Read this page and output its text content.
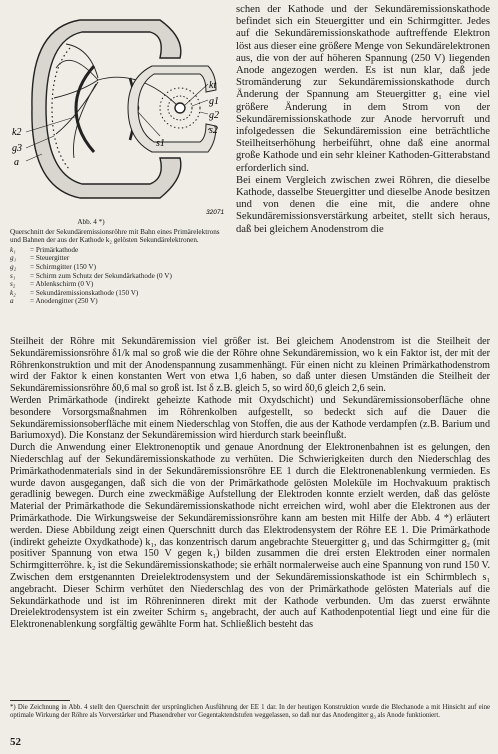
kt
g1
g2
s2
s1
k2
g3
a
32071
Abb. 4 *)
Querschnitt der Sekundäremissionsröhre mit Bahn eines Primärelektrons und Bahnen der aus der Kathode k₂ gelösten Sekundärelektronen.
k₁	= Primärkathode
g₁	= Steuergitter
g₂	= Schirmgitter (150 V)
s₁	= Schirm zum Schutz der Sekundärkathode (0 V)
s₂	= Ablenkschirm (0 V)
k₂	= Sekundäremissionskathode (150 V)
a	= Anodengitter (250 V)

schen der Kathode und der Sekundäremissionskathode befindet sich ein Steuergitter und ein Schirmgitter. Jedes auf die Sekundäremissionskathode auftreffende Elektron löst aus dieser eine größere Menge von Sekundärelektronen aus, die von der auf höheren Spannung (250 V) liegenden Anode angezogen werden. Es ist nun klar, daß jede Stromänderung zur Sekundäremissionskathode durch Änderung der Spannung am Steuergitter g₁ eine viel größere Änderung in dem Strom von der Sekundäremissionskathode zur Anode hervorruft und infolgedessen die Sekundäremission eine beträchtliche Steilheitserhöhung herbeiführt, ohne daß eine anormal große Kathode und ein sehr kleiner Kathoden-Gitterabstand erforderlich sind.

Bei einem Vergleich zwischen zwei Röhren, die dieselbe Kathode, dasselbe Steuergitter und dieselbe Anode besitzen und von denen die eine mit, die andere ohne Sekundäremissionsverstärkung arbeitet, stellt sich heraus, daß bei gleichem Anodenstrom die

Steilheit der Röhre mit Sekundäremission viel größer ist. Bei gleichem Anodenstrom ist die Steilheit der Sekundäremissionsröhre δ1/k mal so groß wie die der Röhre ohne Sekundäremission, wo k ein Faktor ist, der mit der Röhrenkonstruktion und mit der Anodenspannung zusammenhängt. Für einen nicht zu kleinen Primärkathodenstrom wird der Faktor k einen konstanten Wert von etwa 1,6 haben, so daß unter diesen Umständen die Steilheit der Sekundäremissionsröhre δ0,6 mal so groß ist. Ist δ z.B. gleich 5, so wird δ0,6 gleich 2,6 sein.

Werden Primärkathode (indirekt geheizte Kathode mit Oxydschicht) und Sekundäremissionsoberfläche ohne besondere Vorsorgsmaßnahmen im Röhrenkolben aufgestellt, so bedeckt sich auf die Dauer die Sekundäremissionsoberfläche mit einem Niederschlag von Stoffen, die aus der Kathode verdampfen (z.B. Barium und Bariumoxyd). Die Konstanz der Sekundäremission wird hierdurch stark beeinflußt.

Durch die Anwendung einer Elektronenoptik und genaue Anordnung der Elektronenbahnen ist es gelungen, den Niederschlag auf der Sekundäremissionskathode zu verhüten. Die Schwierigkeiten durch den Niederschlag des Primärkathodenmaterials sind in der Sekundäremissionsröhre EE 1 durch die Elektronenablenkung vermieden. Es wurde davon ausgegangen, daß sich die von der Primärkathode gelösten Moleküle im Hochvakuum praktisch geradlinig bewegen. Durch eine zweckmäßige Aufstellung der Elektroden konnte erzielt werden, daß das gelöste Material der Primärkathode die Sekundäremissionskathode nicht erreichen wird, wohl aber die Elektronen aus der Primärkathode. Die Wirkungsweise der Sekundäremissionsröhre kann am besten mit Hilfe der Abb. 4 *) erläutert werden. Diese Abbildung zeigt einen Querschnitt durch das Elektrodensystem der Röhre EE 1. Die Primärkathode (indirekt geheizte Oxydkathode) k₁, das konzentrisch darum angebrachte Steuergitter g₁ und das Schirmgitter g₂ (mit positiver Spannung von etwa 150 V gegen k₁) bilden zusammen die drei ersten Elektroden einer normalen Schirmgitterröhre. k₂ ist die Sekundäremissionskathode; sie erhält normalerweise auch eine Spannung von rund 150 V. Zwischen dem erstgenannten Dreielektrodensystem und der Sekundäremissionskathode ist ein Schirmblech s₁ angebracht. Dieser Schirm verhütet den Niederschlag des von der Primärkathode gelösten Materials auf die Sekundärkathode und ist im Röhreninneren direkt mit der Kathode verbunden. Um das zuerst erwähnte Dreielektrodensystem ist ein zweiter Schirm s₂ angebracht, der auch auf Kathodenpotential liegt und eine für die Elektronenablenkung sorgfältig gewählte Form hat. Schließlich besteht das

*) Die Zeichnung in Abb. 4 stellt den Querschnitt der ursprünglichen Ausführung der EE 1 dar. In der heutigen Konstruktion wurde die Blechanode a mit Hinsicht auf eine optimale Wirkung der Röhre als Vorverstärker und Phasendreher vor Gegentaktendstufen weggelassen, so daß nur das Anodengitter g₃ als Anode funktioniert.
52
